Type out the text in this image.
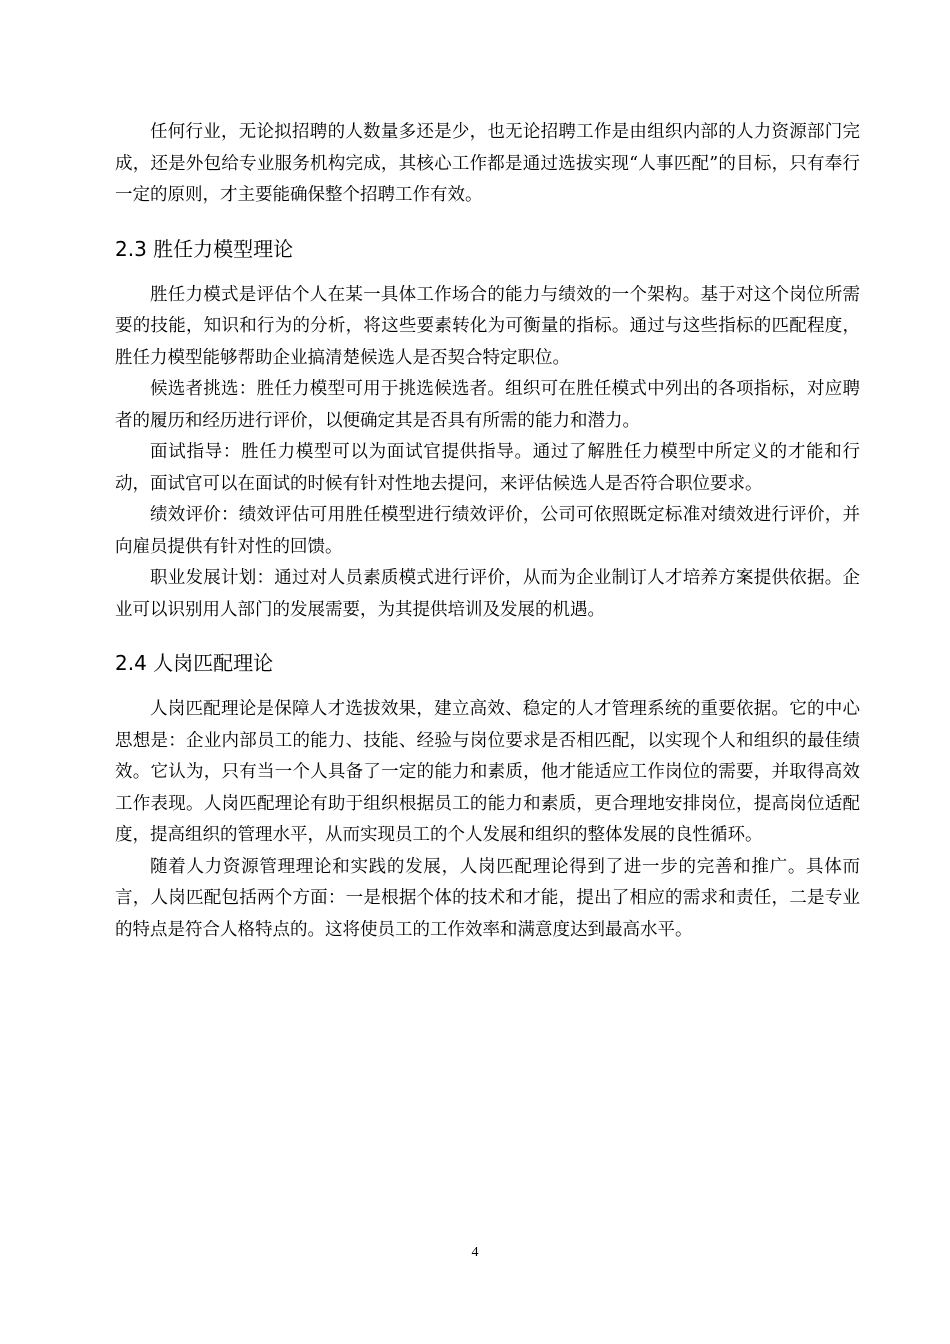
任何行业，无论拟招聘的人数量多还是少，也无论招聘工作是由组织内部的人力资源部门完成，还是外包给专业服务机构完成，其核心工作都是通过选拔实现“人事匹配”的目标，只有奉行一定的原则，才主要能确保整个招聘工作有效。

2.3 胜任力模型理论

胜任力模式是评估个人在某一具体工作场合的能力与绩效的一个架构。基于对这个岗位所需要的技能，知识和行为的分析，将这些要素转化为可衡量的指标。通过与这些指标的匹配程度，胜任力模型能够帮助企业搞清楚候选人是否契合特定职位。

候选者挑选：胜任力模型可用于挑选候选者。组织可在胜任模式中列出的各项指标，对应聘者的履历和经历进行评价，以便确定其是否具有所需的能力和潜力。

面试指导：胜任力模型可以为面试官提供指导。通过了解胜任力模型中所定义的才能和行动，面试官可以在面试的时候有针对性地去提问，来评估候选人是否符合职位要求。

绩效评价：绩效评估可用胜任模型进行绩效评价，公司可依照既定标准对绩效进行评价，并向雇员提供有针对性的回馈。

职业发展计划：通过对人员素质模式进行评价，从而为企业制订人才培养方案提供依据。企业可以识别用人部门的发展需要，为其提供培训及发展的机遇。

2.4 人岗匹配理论

人岗匹配理论是保障人才选拔效果，建立高效、稳定的人才管理系统的重要依据。它的中心思想是：企业内部员工的能力、技能、经验与岗位要求是否相匹配，以实现个人和组织的最佳绩效。它认为，只有当一个人具备了一定的能力和素质，他才能适应工作岗位的需要，并取得高效工作表现。人岗匹配理论有助于组织根据员工的能力和素质，更合理地安排岗位，提高岗位适配度，提高组织的管理水平，从而实现员工的个人发展和组织的整体发展的良性循环。

随着人力资源管理理论和实践的发展，人岗匹配理论得到了进一步的完善和推广。具体而言，人岗匹配包括两个方面：一是根据个体的技术和才能，提出了相应的需求和责任，二是专业的特点是符合人格特点的。这将使员工的工作效率和满意度达到最高水平。

4
